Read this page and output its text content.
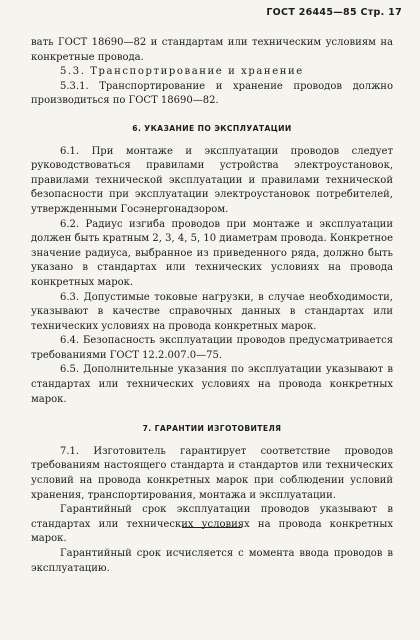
ГОСТ 26445—85 Стр. 17

вать ГОСТ 18690—82 и стандартам или техническим условиям на конкретные провода.

5.3. Транспортирование и хранение

5.3.1. Транспортирование и хранение проводов должно производиться по ГОСТ 18690—82.

6. УКАЗАНИЕ ПО ЭКСПЛУАТАЦИИ

6.1. При монтаже и эксплуатации проводов следует руководствоваться правилами устройства электроустановок, правилами технической эксплуатации и правилами технической безопасности при эксплуатации электроустановок потребителей, утвержденными Госэнергонадзором.

6.2. Радиус изгиба проводов при монтаже и эксплуатации должен быть кратным 2, 3, 4, 5, 10 диаметрам провода. Конкретное значение радиуса, выбранное из приведенного ряда, должно быть указано в стандартах или технических условиях на провода конкретных марок.

6.3. Допустимые токовые нагрузки, в случае необходимости, указывают в качестве справочных данных в стандартах или технических условиях на провода конкретных марок.

6.4. Безопасность эксплуатации проводов предусматривается требованиями ГОСТ 12.2.007.0—75.

6.5. Дополнительные указания по эксплуатации указывают в стандартах или технических условиях на провода конкретных марок.

7. ГАРАНТИИ ИЗГОТОВИТЕЛЯ

7.1. Изготовитель гарантирует соответствие проводов требованиям настоящего стандарта и стандартов или технических условий на провода конкретных марок при соблюдении условий хранения, транспортирования, монтажа и эксплуатации.

Гарантийный срок эксплуатации проводов указывают в стандартах или технических условиях на провода конкретных марок.

Гарантийный срок исчисляется с момента ввода проводов в эксплуатацию.
